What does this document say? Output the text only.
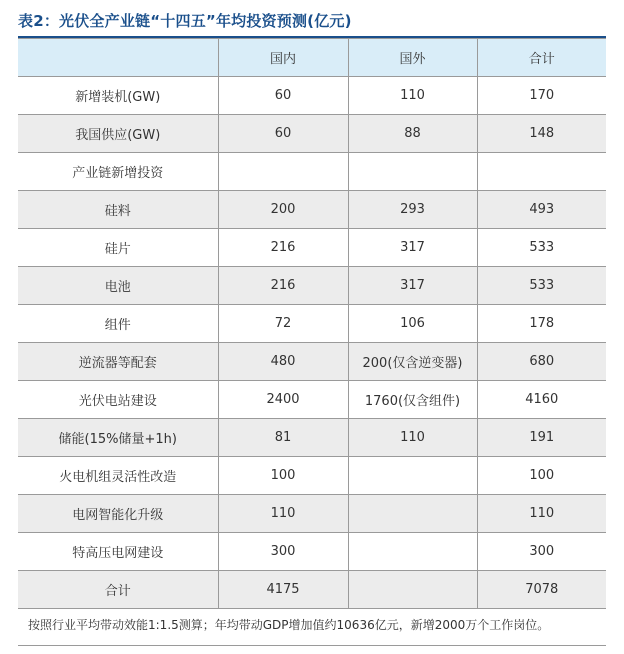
表2：光伏全产业链“十四五”年均投资预测(亿元)
	国内	国外	合计
新增装机(GW)	60	110	170
我国供应(GW)	60	88	148
产业链新增投资			
硅料	200	293	493
硅片	216	317	533
电池	216	317	533
组件	72	106	178
逆流器等配套	480	200(仅含逆变器)	680
光伏电站建设	2400	1760(仅含组件)	4160
储能(15%储量+1h)	81	110	191
火电机组灵活性改造	100		100
电网智能化升级	110		110
特高压电网建设	300		300
合计	4175		7078
按照行业平均带动效能1:1.5测算；年均带动GDP增加值约10636亿元，新增2000万个工作岗位。
